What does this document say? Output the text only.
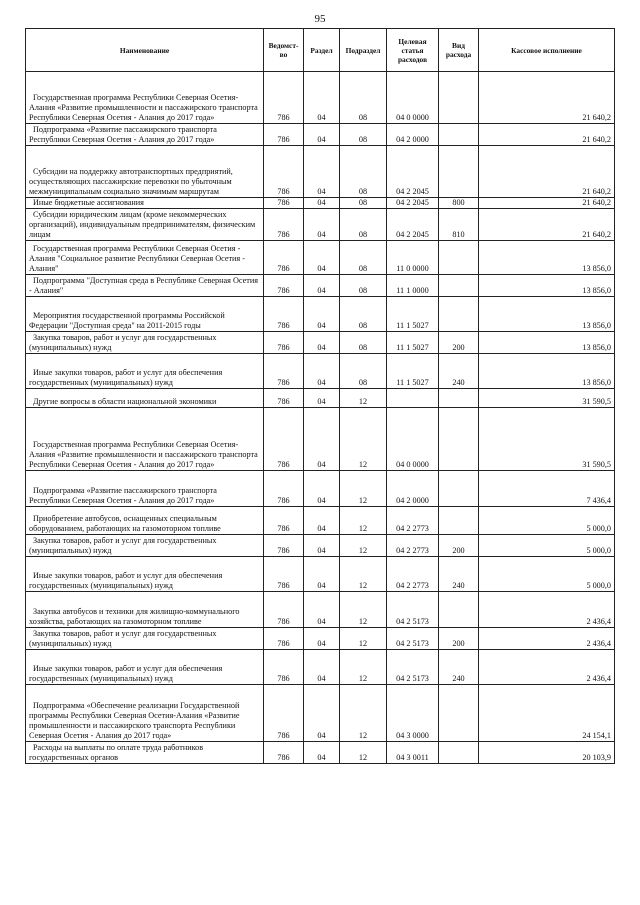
95
Наименование	Ведомст-во	Раздел	Подраздел	Целевая статья расходов	Вид расхода	Кассовое исполнение

Государственная программа Республики Северная Осетия-Алания «Развитие промышленности и пассажирского транспорта Республики Северная Осетия - Алания до 2017 года»	786	04	08	04 0 0000		21 640,2

Подпрограмма «Развитие пассажирского транспорта Республики Северная Осетия - Алания до 2017 года»	786	04	08	04 2 0000		21 640,2

Субсидии на поддержку автотранспортных предприятий, осуществляющих пассажирские перевозки по убыточным межмуниципальным социально значимым маршрутам	786	04	08	04 2 2045		21 640,2

Иные бюджетные ассигнования	786	04	08	04 2 2045	800	21 640,2

Субсидии юридическим лицам (кроме некоммерческих организаций), индивидуальным предпринимателям, физическим лицам	786	04	08	04 2 2045	810	21 640,2

Государственная программа Республики Северная Осетия - Алания "Социальное развитие Республики Северная Осетия - Алания"	786	04	08	11 0 0000		13 856,0

Подпрограмма "Доступная среда в Республике Северная Осетия - Алания"	786	04	08	11 1 0000		13 856,0

Мероприятия государственной программы Российской Федерации "Доступная среда" на 2011-2015 годы	786	04	08	11 1 5027		13 856,0

Закупка товаров, работ и услуг для государственных (муниципальных) нужд	786	04	08	11 1 5027	200	13 856,0

Иные закупки товаров, работ и услуг для обеспечения государственных (муниципальных) нужд	786	04	08	11 1 5027	240	13 856,0

Другие вопросы в области национальной экономики	786	04	12			31 590,5

Государственная программа Республики Северная Осетия-Алания «Развитие промышленности и пассажирского транспорта Республики Северная Осетия - Алания до 2017 года»	786	04	12	04 0 0000		31 590,5

Подпрограмма «Развитие пассажирского транспорта Республики Северная Осетия - Алания до 2017 года»	786	04	12	04 2 0000		7 436,4

Приобретение автобусов, оснащенных специальным оборудованием, работающих на газомоторном топливе	786	04	12	04 2 2773		5 000,0

Закупка товаров, работ и услуг для государственных (муниципальных) нужд	786	04	12	04 2 2773	200	5 000,0

Иные закупки товаров, работ и услуг для обеспечения государственных (муниципальных) нужд	786	04	12	04 2 2773	240	5 000,0

Закупка автобусов и техники для жилищно-коммунального хозяйства, работающих на газомоторном топливе	786	04	12	04 2 5173		2 436,4

Закупка товаров, работ и услуг для государственных (муниципальных) нужд	786	04	12	04 2 5173	200	2 436,4

Иные закупки товаров, работ и услуг для обеспечения государственных (муниципальных) нужд	786	04	12	04 2 5173	240	2 436,4

Подпрограмма «Обеспечение реализации Государственной программы Республики Северная Осетия-Алания «Развитие промышленности и пассажирского транспорта Республики Северная Осетия - Алания до 2017 года»	786	04	12	04 3 0000		24 154,1

Расходы на выплаты по оплате труда работников государственных органов	786	04	12	04 3 0011		20 103,9
